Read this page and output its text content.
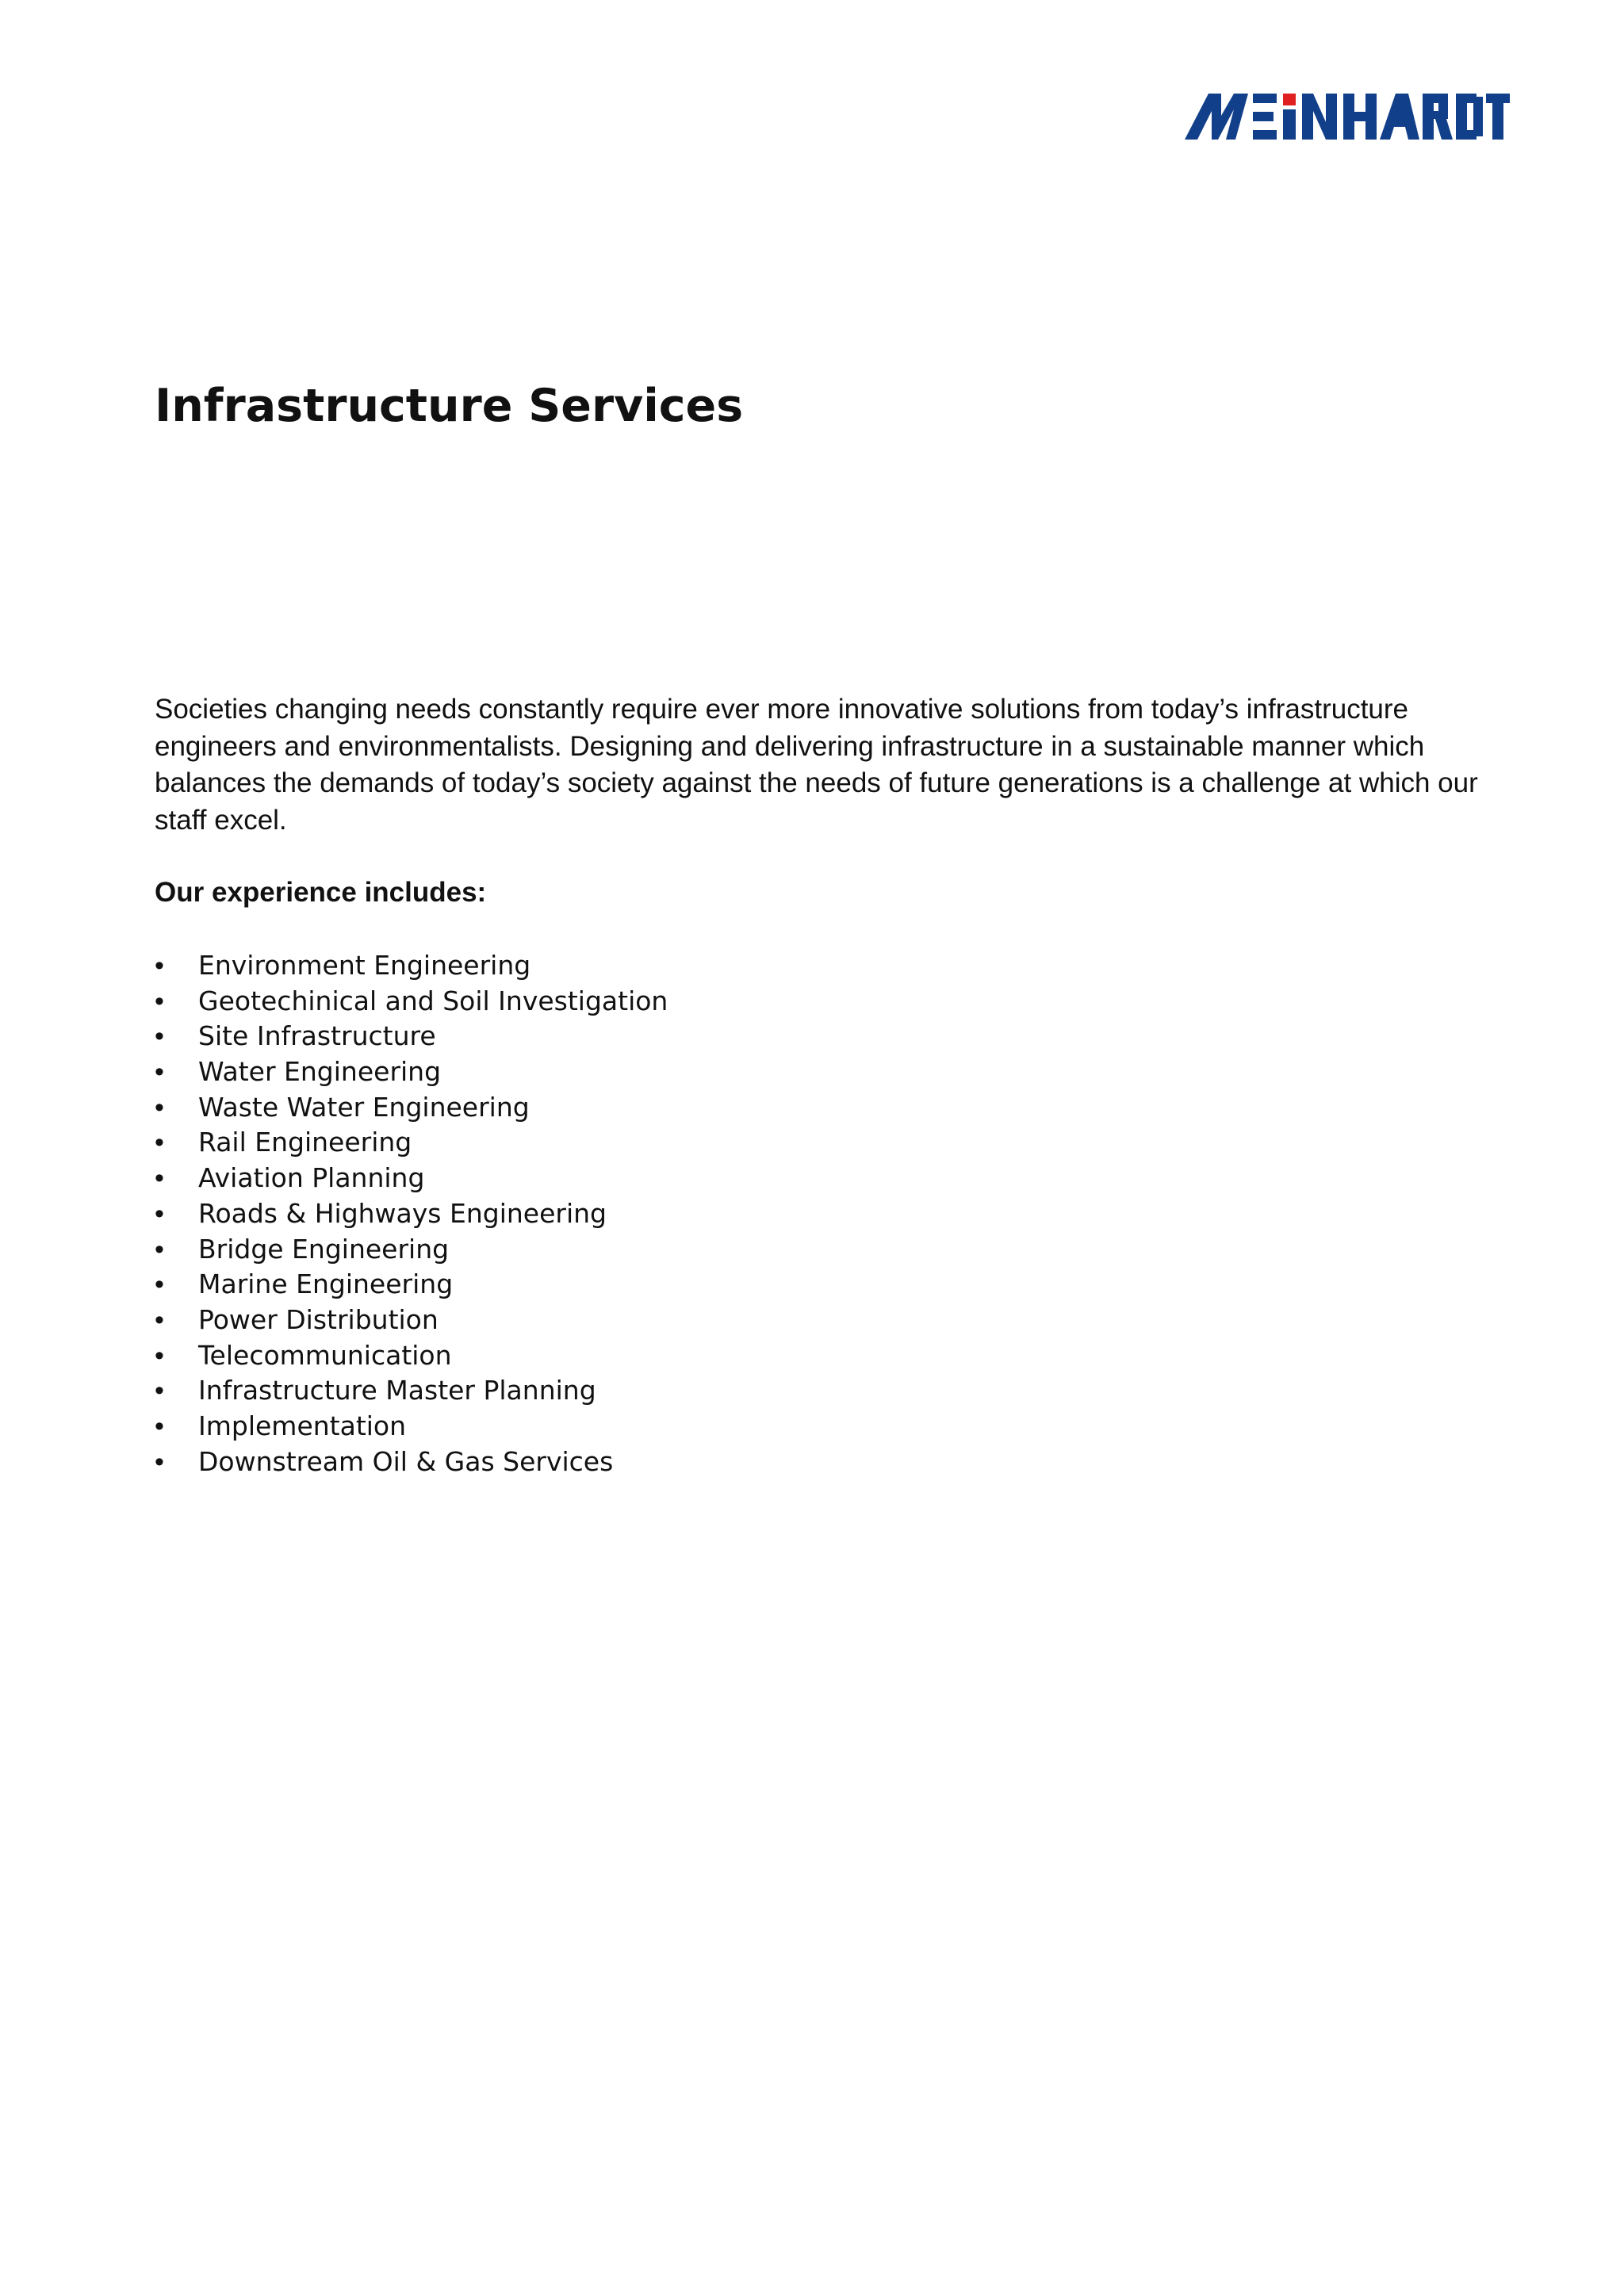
Infrastructure Services

Societies changing needs constantly require ever more innovative solutions from today’s infrastructure engineers and environmentalists. Designing and delivering infrastructure in a sustainable manner which balances the demands of today’s society against the needs of future generations is a challenge at which our staff excel.

Our experience includes:
•	Environment Engineering
•	Geotechinical and Soil Investigation
•	Site Infrastructure
•	Water Engineering
•	Waste Water Engineering
•	Rail Engineering
•	Aviation Planning
•	Roads & Highways Engineering
•	Bridge Engineering
•	Marine Engineering
•	Power Distribution
•	Telecommunication
•	Infrastructure Master Planning
•	Implementation
•	Downstream Oil & Gas Services
